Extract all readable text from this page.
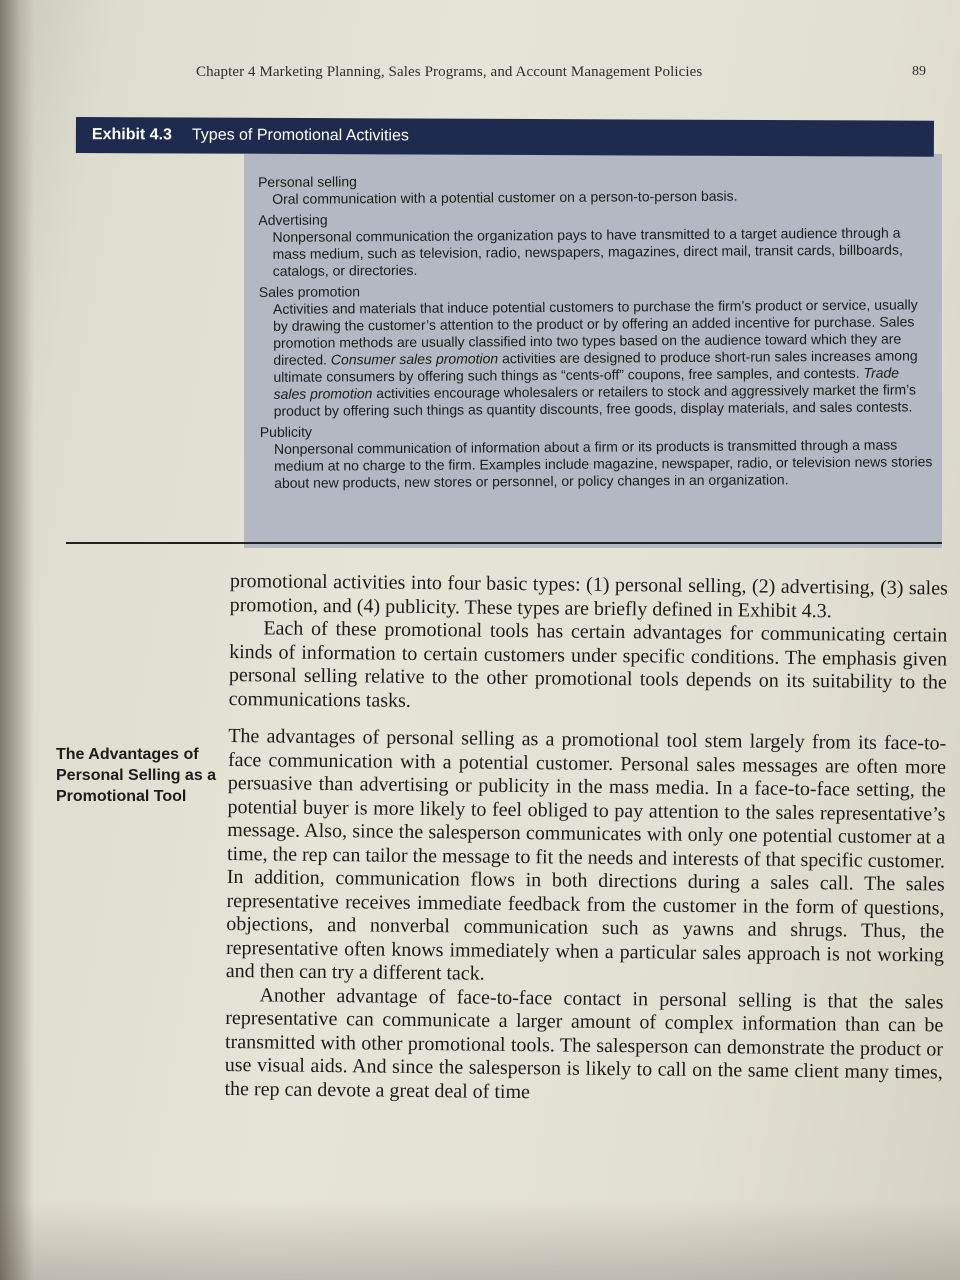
Chapter 4 Marketing Planning, Sales Programs, and Account Management Policies	89
Exhibit 4.3 Types of Promotional Activities

Personal selling

Oral communication with a potential customer on a person-to-person basis.

Advertising

Nonpersonal communication the organization pays to have transmitted to a target audience through a mass medium, such as television, radio, newspapers, magazines, direct mail, transit cards, billboards, catalogs, or directories.

Sales promotion

Activities and materials that induce potential customers to purchase the firm’s product or service, usually by drawing the customer’s attention to the product or by offering an added incentive for purchase. Sales promotion methods are usually classified into two types based on the audience toward which they are directed. Consumer sales promotion activities are designed to produce short-run sales increases among ultimate consumers by offering such things as “cents-off” coupons, free samples, and contests. Trade sales promotion activities encourage wholesalers or retailers to stock and aggressively market the firm’s product by offering such things as quantity discounts, free goods, display materials, and sales contests.

Publicity

Nonpersonal communication of information about a firm or its products is transmitted through a mass medium at no charge to the firm. Examples include magazine, newspaper, radio, or television news stories about new products, new stores or personnel, or policy changes in an organization.

The Advantages of Personal Selling as a Promotional Tool

promotional activities into four basic types: (1) personal selling, (2) advertising, (3) sales promotion, and (4) publicity. These types are briefly defined in Exhibit 4.3.

Each of these promotional tools has certain advantages for communicating certain kinds of information to certain customers under specific conditions. The emphasis given personal selling relative to the other promotional tools depends on its suitability to the communications tasks.

The advantages of personal selling as a promotional tool stem largely from its face-to-face communication with a potential customer. Personal sales messages are often more persuasive than advertising or publicity in the mass media. In a face-to-face setting, the potential buyer is more likely to feel obliged to pay attention to the sales representative’s message. Also, since the salesperson communicates with only one potential customer at a time, the rep can tailor the message to fit the needs and interests of that specific customer. In addition, communication flows in both directions during a sales call. The sales representative receives immediate feedback from the customer in the form of questions, objections, and nonverbal communication such as yawns and shrugs. Thus, the representative often knows immediately when a particular sales approach is not working and then can try a different tack.

Another advantage of face-to-face contact in personal selling is that the sales representative can communicate a larger amount of complex information than can be transmitted with other promotional tools. The salesperson can demonstrate the product or use visual aids. And since the salesperson is likely to call on the same client many times, the rep can devote a great deal of time
